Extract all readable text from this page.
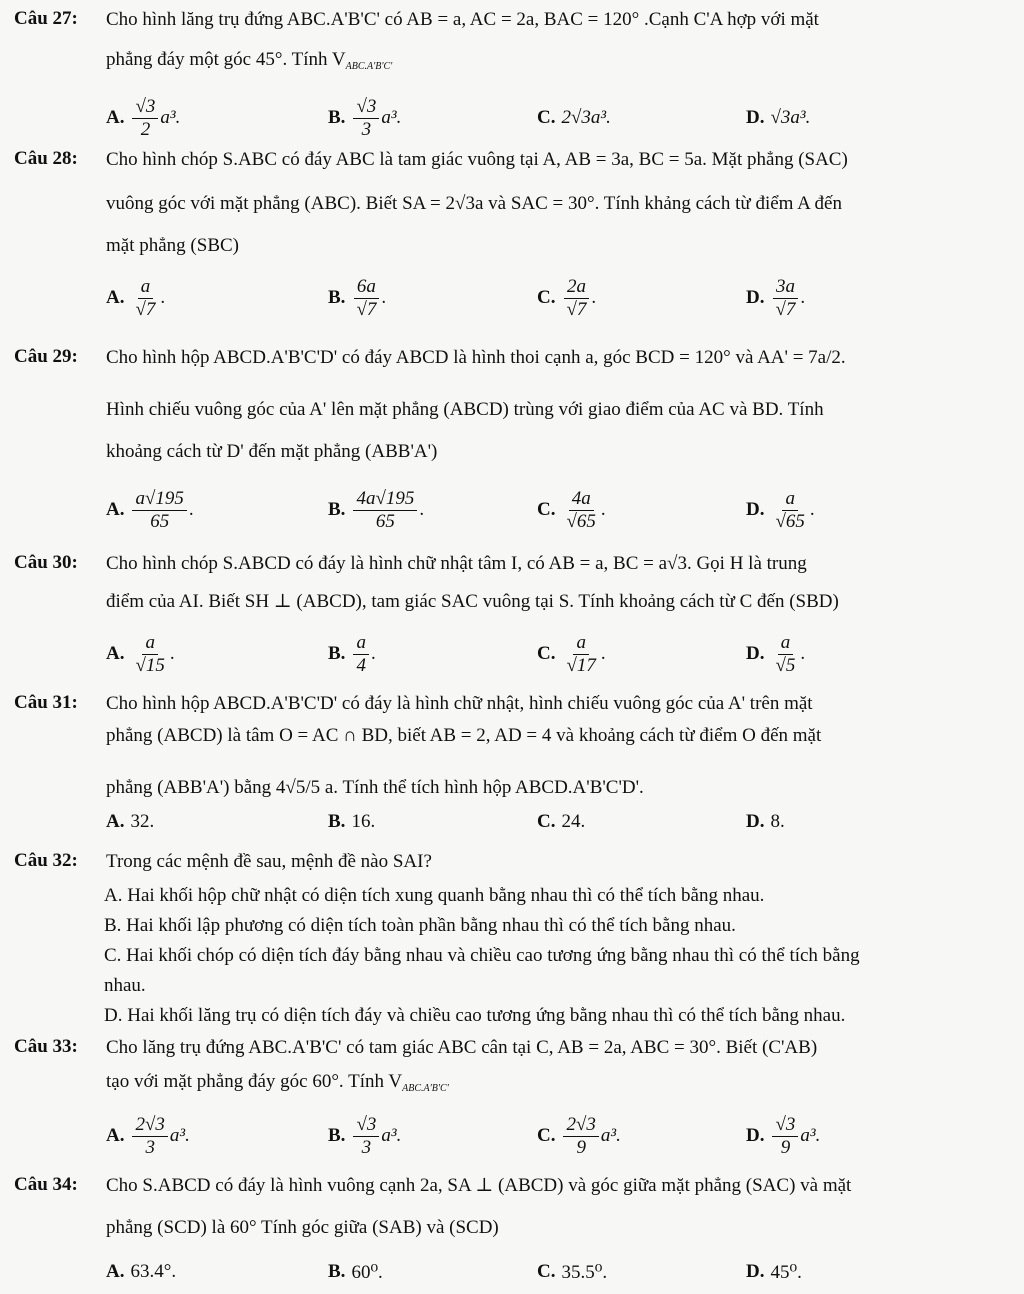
Câu 27: Cho hình lăng trụ đứng ABC.A'B'C' có AB = a, AC = 2a, BAC = 120° .Cạnh C'A hợp với mặt
phẳng đáy một góc 45°. Tính $V_{ABC.A'B'C'}$
A. $\frac{√3}{2} a^3$.	B. $\frac{√3}{3} a^3$.	C. 2√3a³.	D. √3a³.
Câu 28: Cho hình chóp S.ABC có đáy ABC là tam giác vuông tại A, AB = 3a, BC = 5a. Mặt phẳng (SAC)
vuông góc với mặt phẳng (ABC). Biết SA = 2√3a và SAC = 30°. Tính khảng cách từ điểm A đến
mặt phẳng (SBC)
A. $\frac{a}{√7}$ .	B. $\frac{6a}{√7}$ .	C. $\frac{2a}{√7}$ .	D. $\frac{3a}{√7}$ .
Câu 29: Cho hình hộp ABCD.A'B'C'D' có đáy ABCD là hình thoi cạnh a, góc BCD = 120° và AA' = 7a/2.
Hình chiếu vuông góc của A' lên mặt phẳng (ABCD) trùng với giao điểm của AC và BD. Tính
khoảng cách từ D' đến mặt phẳng (ABB'A')
A. $\frac{a√195}{65}$ .	B. $\frac{4a√195}{65}$ .	C. $\frac{4a}{√65}$ .	D. $\frac{a}{√65}$ .
Câu 30: Cho hình chóp S.ABCD có đáy là hình chữ nhật tâm I, có AB = a, BC = a√3. Gọi H là trung
điểm của AI. Biết SH ⊥ (ABCD), tam giác SAC vuông tại S. Tính khoảng cách từ C đến (SBD)
A. $\frac{a}{√15}$ .	B. $\frac{a}{4}$ .	C. $\frac{a}{√17}$ .	D. $\frac{a}{√5}$ .
Câu 31: Cho hình hộp ABCD.A'B'C'D' có đáy là hình chữ nhật, hình chiếu vuông góc của A' trên mặt
phẳng (ABCD) là tâm O = AC ∩ BD, biết AB = 2, AD = 4 và khoảng cách từ điểm O đến mặt
phẳng (ABB'A') bằng 4√5/5 a. Tính thể tích hình hộp ABCD.A'B'C'D'.
A. 32.	B. 16.	C. 24.	D. 8.
Câu 32: Trong các mệnh đề sau, mệnh đề nào SAI?
A. Hai khối hộp chữ nhật có diện tích xung quanh bằng nhau thì có thể tích bằng nhau.
B. Hai khối lập phương có diện tích toàn phần bằng nhau thì có thể tích bằng nhau.
C. Hai khối chóp có diện tích đáy bằng nhau và chiều cao tương ứng bằng nhau thì có thể tích bằng
nhau.
D. Hai khối lăng trụ có diện tích đáy và chiều cao tương ứng bằng nhau thì có thể tích bằng nhau.
Câu 33: Cho lăng trụ đứng ABC.A'B'C' có tam giác ABC cân tại C, AB = 2a, ABC = 30°. Biết (C'AB)
tạo với mặt phẳng đáy góc 60°. Tính $V_{ABC.A'B'C'}$
A. $\frac{2√3}{3} a^3$.	B. $\frac{√3}{3} a^3$.	C. $\frac{2√3}{9} a^3$.	D. $\frac{√3}{9} a^3$.
Câu 34: Cho S.ABCD có đáy là hình vuông cạnh 2a, SA ⊥ (ABCD) và góc giữa mặt phẳng (SAC) và mặt
phẳng (SCD) là 60° Tính góc giữa (SAB) và (SCD)
A. 63.4°.	B. 60⁰.	C. 35.5⁰.	D. 45⁰.
